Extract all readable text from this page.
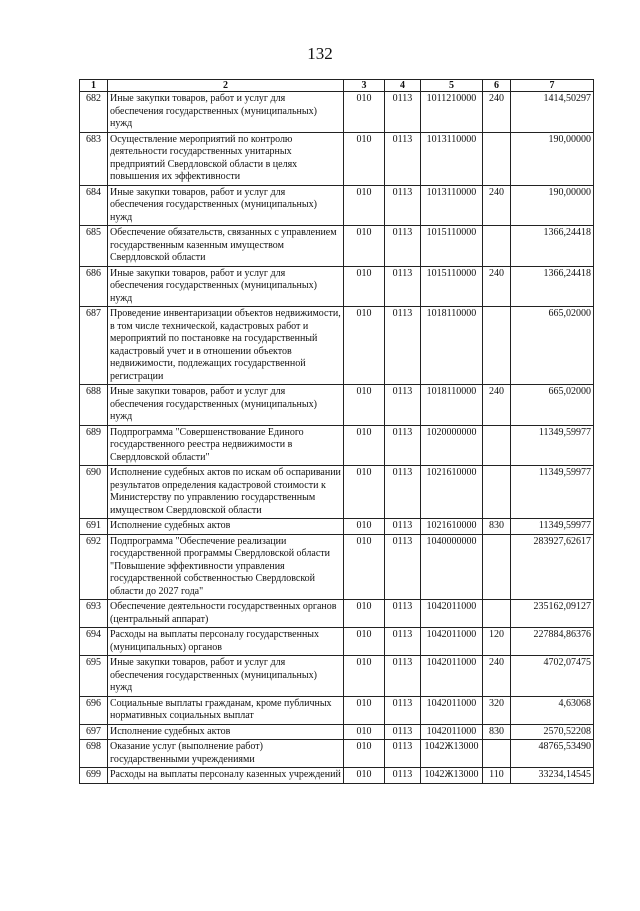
132
1	2	3	4	5	6	7
682	Иные закупки товаров, работ и услуг для обеспечения государственных (муниципальных) нужд	010	0113	1011210000	240	1414,50297
683	Осуществление мероприятий по контролю деятельности государственных унитарных предприятий Свердловской области в целях повышения их эффективности	010	0113	1013110000		190,00000
684	Иные закупки товаров, работ и услуг для обеспечения государственных (муниципальных) нужд	010	0113	1013110000	240	190,00000
685	Обеспечение обязательств, связанных с управлением государственным казенным имуществом Свердловской области	010	0113	1015110000		1366,24418
686	Иные закупки товаров, работ и услуг для обеспечения государственных (муниципальных) нужд	010	0113	1015110000	240	1366,24418
687	Проведение инвентаризации объектов недвижимости, в том числе технической, кадастровых работ и мероприятий по постановке на государственный кадастровый учет и в отношении объектов недвижимости, подлежащих государственной регистрации	010	0113	1018110000		665,02000
688	Иные закупки товаров, работ и услуг для обеспечения государственных (муниципальных) нужд	010	0113	1018110000	240	665,02000
689	Подпрограмма "Совершенствование Единого государственного реестра недвижимости в Свердловской области"	010	0113	1020000000		11349,59977
690	Исполнение судебных актов по искам об оспаривании результатов определения кадастровой стоимости к Министерству по управлению государственным имуществом Свердловской области	010	0113	1021610000		11349,59977
691	Исполнение судебных актов	010	0113	1021610000	830	11349,59977
692	Подпрограмма "Обеспечение реализации государственной программы Свердловской области "Повышение эффективности управления государственной собственностью Свердловской области до 2027 года"	010	0113	1040000000		283927,62617
693	Обеспечение деятельности государственных органов (центральный аппарат)	010	0113	1042011000		235162,09127
694	Расходы на выплаты персоналу государственных (муниципальных) органов	010	0113	1042011000	120	227884,86376
695	Иные закупки товаров, работ и услуг для обеспечения государственных (муниципальных) нужд	010	0113	1042011000	240	4702,07475
696	Социальные выплаты гражданам, кроме публичных нормативных социальных выплат	010	0113	1042011000	320	4,63068
697	Исполнение судебных актов	010	0113	1042011000	830	2570,52208
698	Оказание услуг (выполнение работ) государственными учреждениями	010	0113	1042Ж13000		48765,53490
699	Расходы на выплаты персоналу казенных учреждений	010	0113	1042Ж13000	110	33234,14545
